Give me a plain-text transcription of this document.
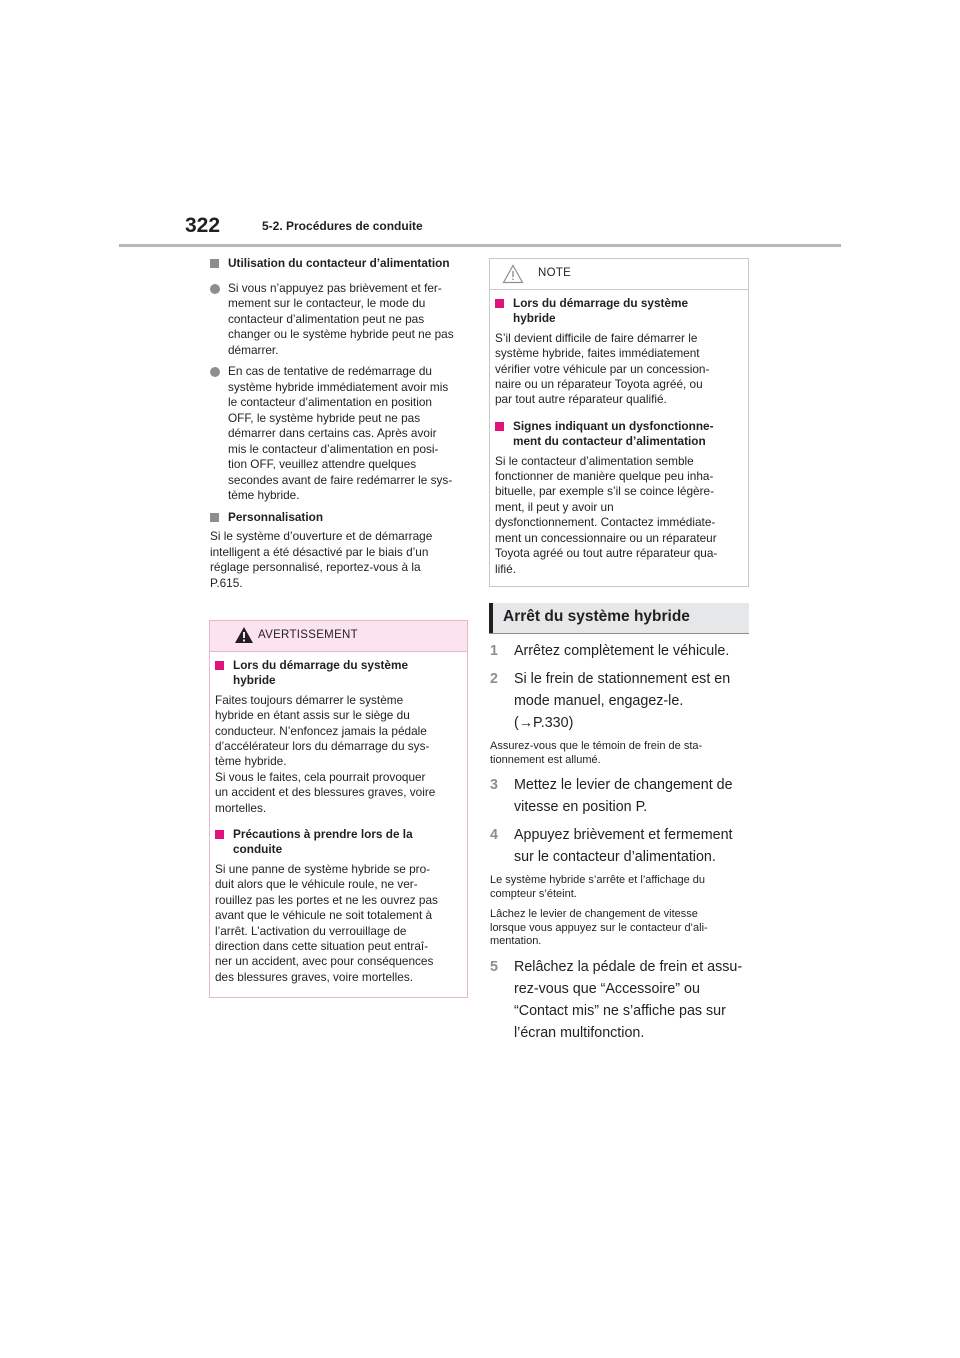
322	5-2. Procédures de conduite
Utilisation du contacteur d’alimentation
Si vous n’appuyez pas brièvement et fer-
mement sur le contacteur, le mode du
contacteur d’alimentation peut ne pas
changer ou le système hybride peut ne pas
démarrer.
En cas de tentative de redémarrage du
système hybride immédiatement avoir mis
le contacteur d’alimentation en position
OFF, le système hybride peut ne pas
démarrer dans certains cas. Après avoir
mis le contacteur d’alimentation en posi-
tion OFF, veuillez attendre quelques
secondes avant de faire redémarrer le sys-
tème hybride.
Personnalisation
Si le système d’ouverture et de démarrage
intelligent a été désactivé par le biais d’un
réglage personnalisé, reportez-vous à la
P.615.
AVERTISSEMENT
Lors du démarrage du système
hybride
Faites toujours démarrer le système
hybride en étant assis sur le siège du
conducteur. N’enfoncez jamais la pédale
d’accélérateur lors du démarrage du sys-
tème hybride.
Si vous le faites, cela pourrait provoquer
un accident et des blessures graves, voire
mortelles.
Précautions à prendre lors de la
conduite
Si une panne de système hybride se pro-
duit alors que le véhicule roule, ne ver-
rouillez pas les portes et ne les ouvrez pas
avant que le véhicule ne soit totalement à
l’arrêt. L’activation du verrouillage de
direction dans cette situation peut entraî-
ner un accident, avec pour conséquences
des blessures graves, voire mortelles.
NOTE
Lors du démarrage du système
hybride
S’il devient difficile de faire démarrer le
système hybride, faites immédiatement
vérifier votre véhicule par un concession-
naire ou un réparateur Toyota agréé, ou
par tout autre réparateur qualifié.
Signes indiquant un dysfonctionne-
ment du contacteur d’alimentation
Si le contacteur d’alimentation semble
fonctionner de manière quelque peu inha-
bituelle, par exemple s’il se coince légère-
ment, il peut y avoir un
dysfonctionnement. Contactez immédiate-
ment un concessionnaire ou un réparateur
Toyota agréé ou tout autre réparateur qua-
lifié.
Arrêt du système hybride
1 Arrêtez complètement le véhicule.
2 Si le frein de stationnement est en
mode manuel, engagez-le.
(→P.330)
Assurez-vous que le témoin de frein de sta-
tionnement est allumé.
3 Mettez le levier de changement de
vitesse en position P.
4 Appuyez brièvement et fermement
sur le contacteur d’alimentation.
Le système hybride s’arrête et l’affichage du
compteur s’éteint.
Lâchez le levier de changement de vitesse
lorsque vous appuyez sur le contacteur d’ali-
mentation.
5 Relâchez la pédale de frein et assu-
rez-vous que “Accessoire” ou
“Contact mis” ne s’affiche pas sur
l’écran multifonction.
